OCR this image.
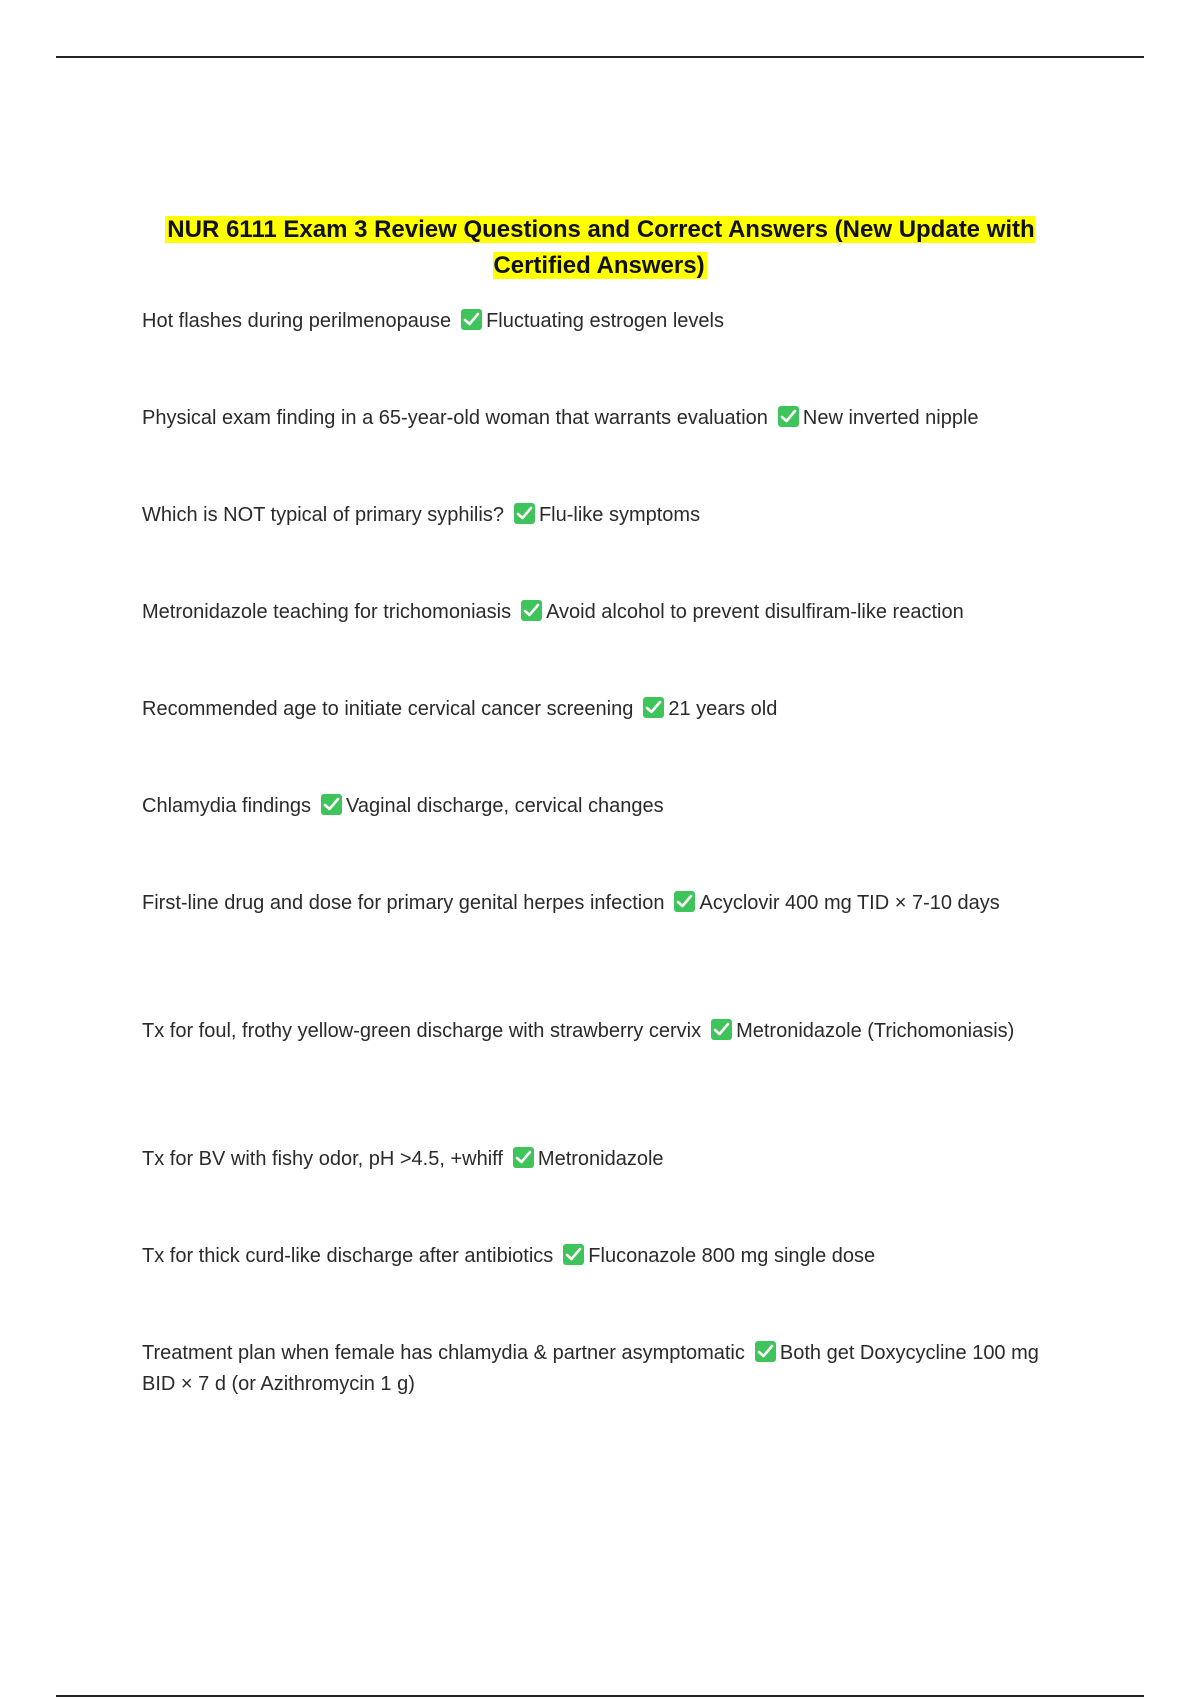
NUR 6111 Exam 3 Review Questions and Correct Answers (New Update with Certified Answers)
Hot flashes during perilmenopause Fluctuating estrogen levels
Physical exam finding in a 65-year-old woman that warrants evaluation New inverted nipple
Which is NOT typical of primary syphilis? Flu-like symptoms
Metronidazole teaching for trichomoniasis Avoid alcohol to prevent disulfiram-like reaction
Recommended age to initiate cervical cancer screening 21 years old
Chlamydia findings Vaginal discharge, cervical changes
First-line drug and dose for primary genital herpes infection Acyclovir 400 mg TID × 7-10 days
Tx for foul, frothy yellow-green discharge with strawberry cervix Metronidazole (Trichomoniasis)
Tx for BV with fishy odor, pH >4.5, +whiff Metronidazole
Tx for thick curd-like discharge after antibiotics Fluconazole 800 mg single dose
Treatment plan when female has chlamydia & partner asymptomatic Both get Doxycycline 100 mg BID × 7 d (or Azithromycin 1 g)
